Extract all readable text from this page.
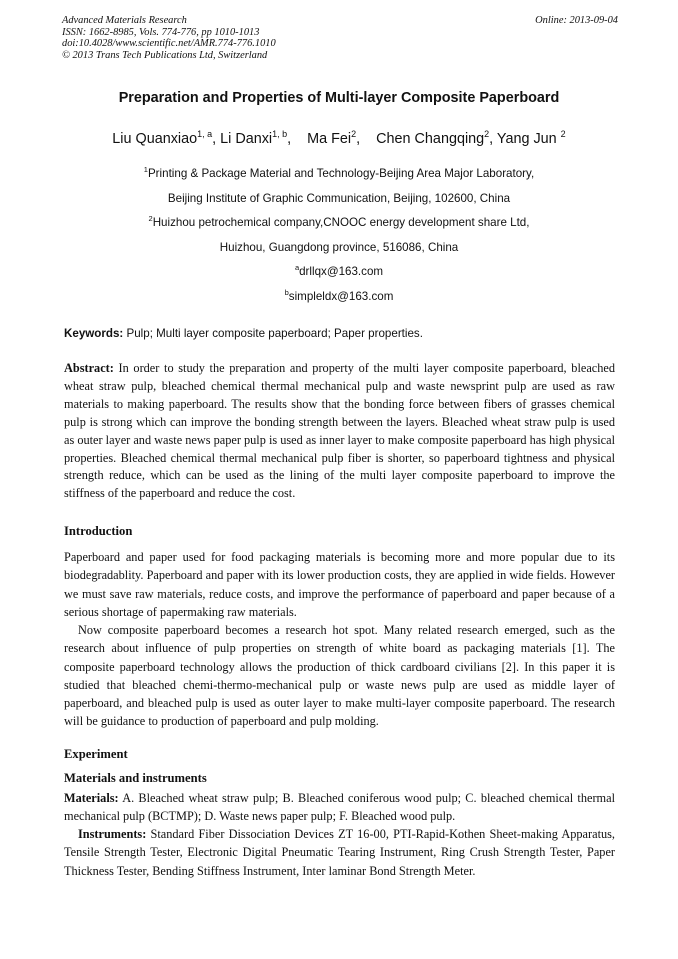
Advanced Materials Research
ISSN: 1662-8985, Vols. 774-776, pp 1010-1013
doi:10.4028/www.scientific.net/AMR.774-776.1010
© 2013 Trans Tech Publications Ltd, Switzerland
Online: 2013-09-04
Preparation and Properties of Multi-layer Composite Paperboard
Liu Quanxiao$^{1, a}$, Li Danxi$^{1, b}$,    Ma Fei$^2$,    Chen Changqing$^2$, Yang Jun $^2$
$^1$Printing & Package Material and Technology-Beijing Area Major Laboratory,
Beijing Institute of Graphic Communication, Beijing, 102600, China
$^2$Huizhou petrochemical company,CNOOC energy development share Ltd,
Huizhou, Guangdong province, 516086, China
$^a$drllqx@163.com
$^b$simpleldx@163.com
Keywords: Pulp; Multi layer composite paperboard; Paper properties.
Abstract: In order to study the preparation and property of the multi layer composite paperboard, bleached wheat straw pulp, bleached chemical thermal mechanical pulp and waste newsprint pulp are used as raw materials to making paperboard. The results show that the bonding force between fibers of grasses chemical pulp is strong which can improve the bonding strength between the layers. Bleached wheat straw pulp is used as outer layer and waste news paper pulp is used as inner layer to make composite paperboard has high physical properties. Bleached chemical thermal mechanical pulp fiber is shorter, so paperboard tightness and physical strength reduce, which can be used as the lining of the multi layer composite paperboard to improve the stiffness of the paperboard and reduce the cost.
Introduction
Paperboard and paper used for food packaging materials is becoming more and more popular due to its biodegradablity. Paperboard and paper with its lower production costs, they are applied in wide fields. However we must save raw materials, reduce costs, and improve the performance of paperboard and paper because of a serious shortage of papermaking raw materials.
Now composite paperboard becomes a research hot spot. Many related research emerged, such as the research about influence of pulp properties on strength of white board as packaging materials [1]. The composite paperboard technology allows the production of thick cardboard civilians [2]. In this paper it is studied that bleached chemi-thermo-mechanical pulp or waste news pulp are used as middle layer of paperboard, and bleached pulp is used as outer layer to make multi-layer composite paperboard. The research will be guidance to production of paperboard and pulp molding.
Experiment
Materials and instruments
Materials: A. Bleached wheat straw pulp; B. Bleached coniferous wood pulp; C. bleached chemical thermal mechanical pulp (BCTMP); D. Waste news paper pulp; F. Bleached wood pulp.
Instruments: Standard Fiber Dissociation Devices ZT 16-00, PTI-Rapid-Kothen Sheet-making Apparatus, Tensile Strength Tester, Electronic Digital Pneumatic Tearing Instrument, Ring Crush Strength Tester, Paper Thickness Tester, Bending Stiffness Instrument, Inter laminar Bond Strength Meter.
